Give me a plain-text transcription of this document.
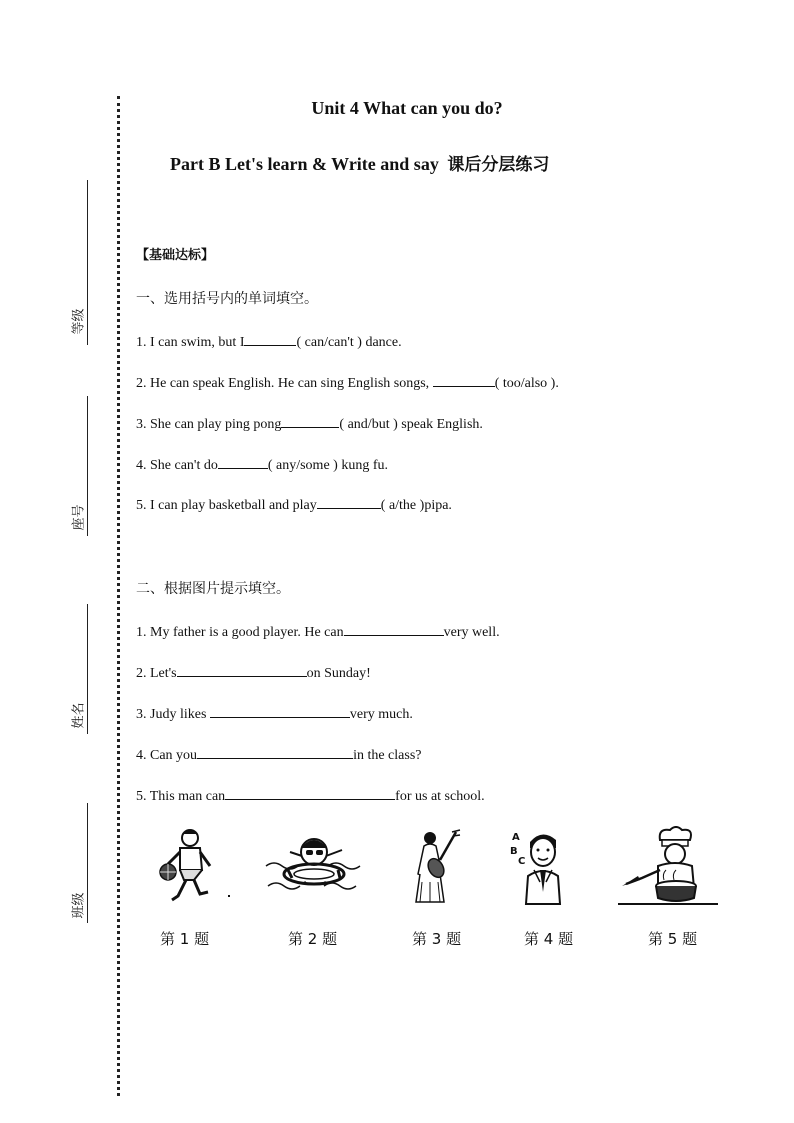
等级
座号
姓名
班级
Unit 4 What can you do?
Part B Let's learn & Write and say 课后分层练习
【基础达标】
一、选用括号内的单词填空。
1. I can swim, but I	( can/can't ) dance.
2. He can speak English. He can sing English songs,	( too/also ).
3. She can play ping pong	( and/but ) speak English.
4. She can't do	( any/some ) kung fu.
5. I can play basketball and play	( a/the )pipa.
二、根据图片提示填空。
1. My father is a good player. He can	very well.
2. Let's	on Sunday!
3. Judy likes	very much.
4. Can you	in the class?
5. This man can	for us at school.
A
B
C
第 1 题	第 2 题	第 3 题	第 4 题	第 5 题
